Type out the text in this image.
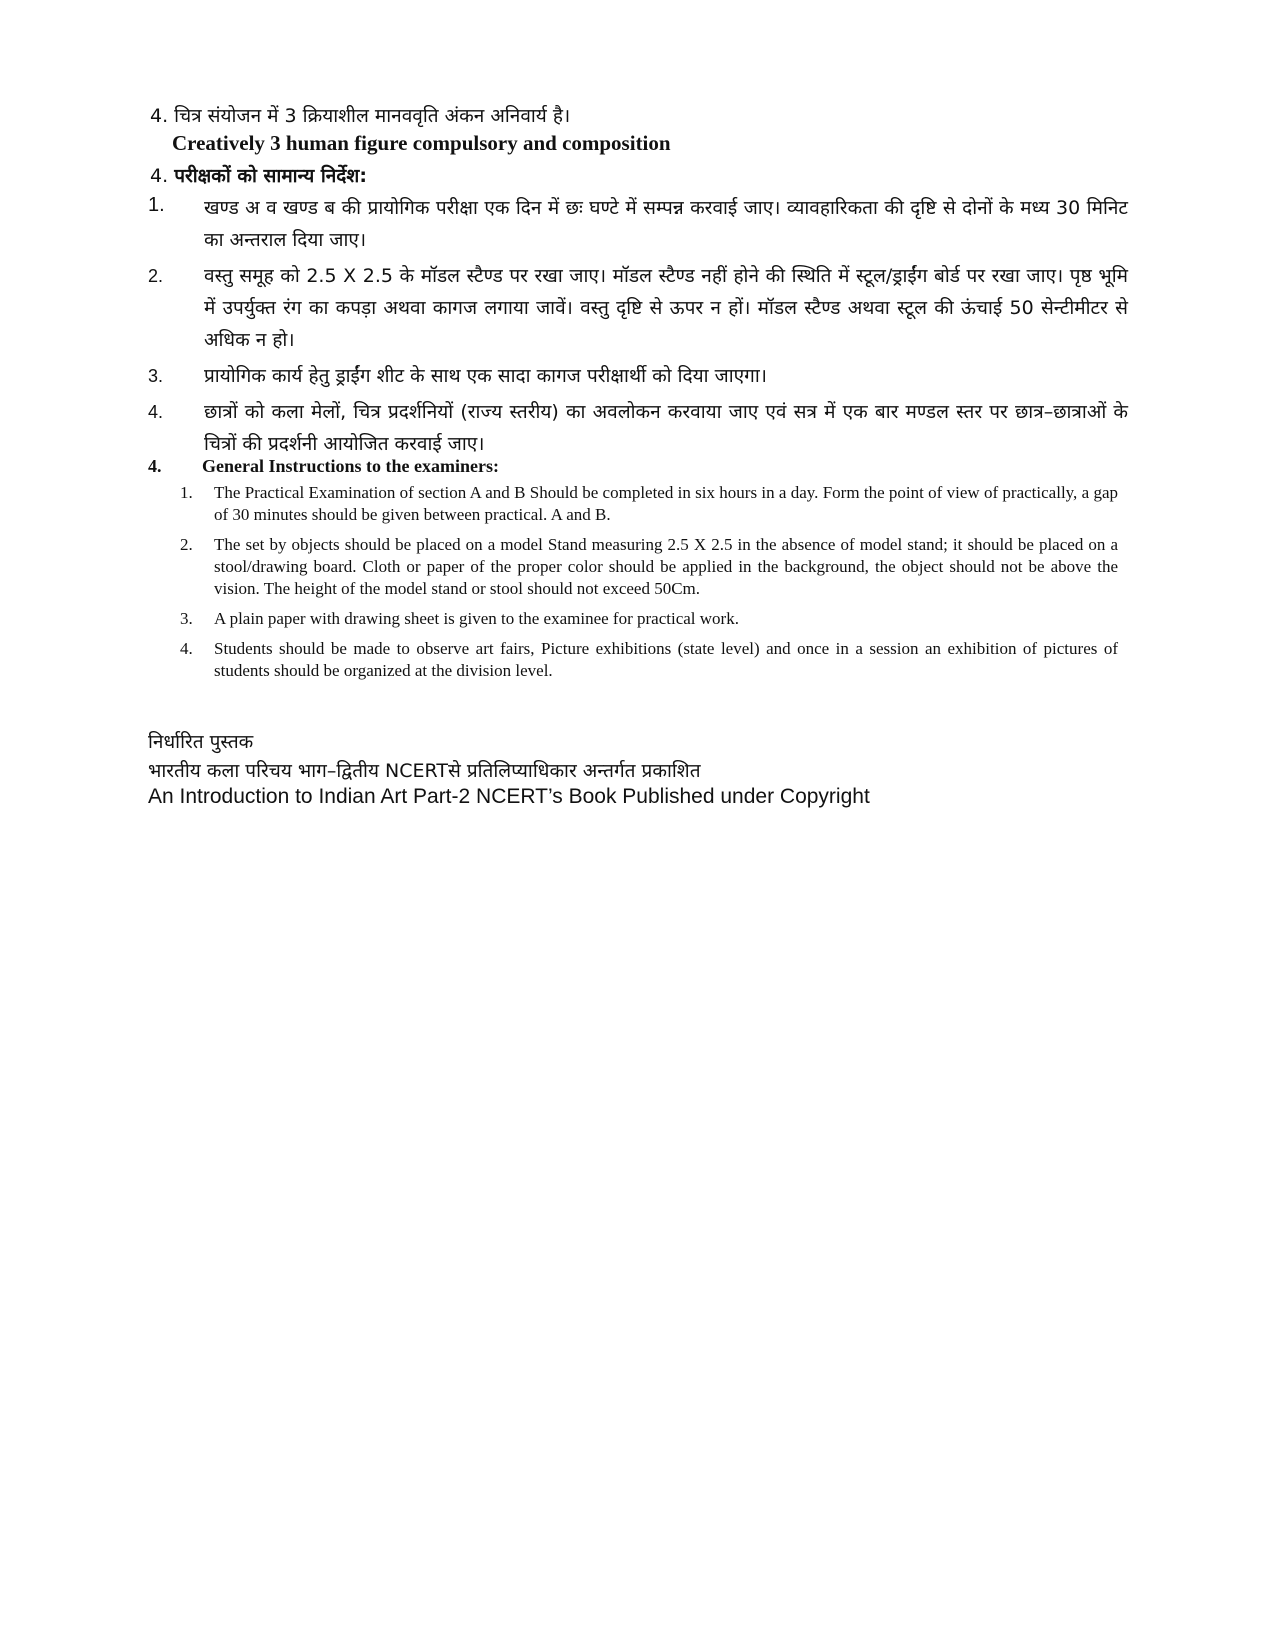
4. चित्र संयोजन में 3 क्रियाशील मानववृति अंकन अनिवार्य है।
Creatively 3 human figure compulsory and composition
4. परीक्षकों को सामान्य निर्देश:
1.	खण्ड अ व खण्ड ब की प्रायोगिक परीक्षा एक दिन में छः घण्टे में सम्पन्न करवाई जाए। व्यावहारिकता की दृष्टि से दोनों के मध्य 30 मिनिट का अन्तराल दिया जाए।
2.	वस्तु समूह को 2.5 X 2.5 के मॉडल स्टैण्ड पर रखा जाए। मॉडल स्टैण्ड नहीं होने की स्थिति में स्टूल/ड्राईंग बोर्ड पर रखा जाए। पृष्ठ भूमि में उपर्युक्त रंग का कपड़ा अथवा कागज लगाया जावें। वस्तु दृष्टि से ऊपर न हों। मॉडल स्टैण्ड अथवा स्टूल की ऊंचाई 50 सेन्टीमीटर से अधिक न हो।
3.	प्रायोगिक कार्य हेतु ड्राईंग शीट के साथ एक सादा कागज परीक्षार्थी को दिया जाएगा।
4.	छात्रों को कला मेलों, चित्र प्रदर्शनियों (राज्य स्तरीय) का अवलोकन करवाया जाए एवं सत्र में एक बार मण्डल स्तर पर छात्र–छात्राओं के चित्रों की प्रदर्शनी आयोजित करवाई जाए।
4. General Instructions to the examiners:
1.	The Practical Examination of section A and B Should be completed in six hours in a day. Form the point of view of practically, a gap of 30 minutes should be given between practical. A and B.
2.	The set by objects should be placed on a model Stand measuring 2.5 X 2.5 in the absence of model stand; it should be placed on a stool/drawing board. Cloth or paper of the proper color should be applied in the background, the object should not be above the vision. The height of the model stand or stool should not exceed 50Cm.
3.	A plain paper with drawing sheet is given to the examinee for practical work.
4.	Students should be made to observe art fairs, Picture exhibitions (state level) and once in a session an exhibition of pictures of students should be organized at the division level.
निर्धारित पुस्तक
भारतीय कला परिचय भाग–द्वितीय NCERTसे प्रतिलिप्याधिकार अन्तर्गत प्रकाशित
An Introduction to Indian Art Part-2 NCERT’s Book Published under Copyright
